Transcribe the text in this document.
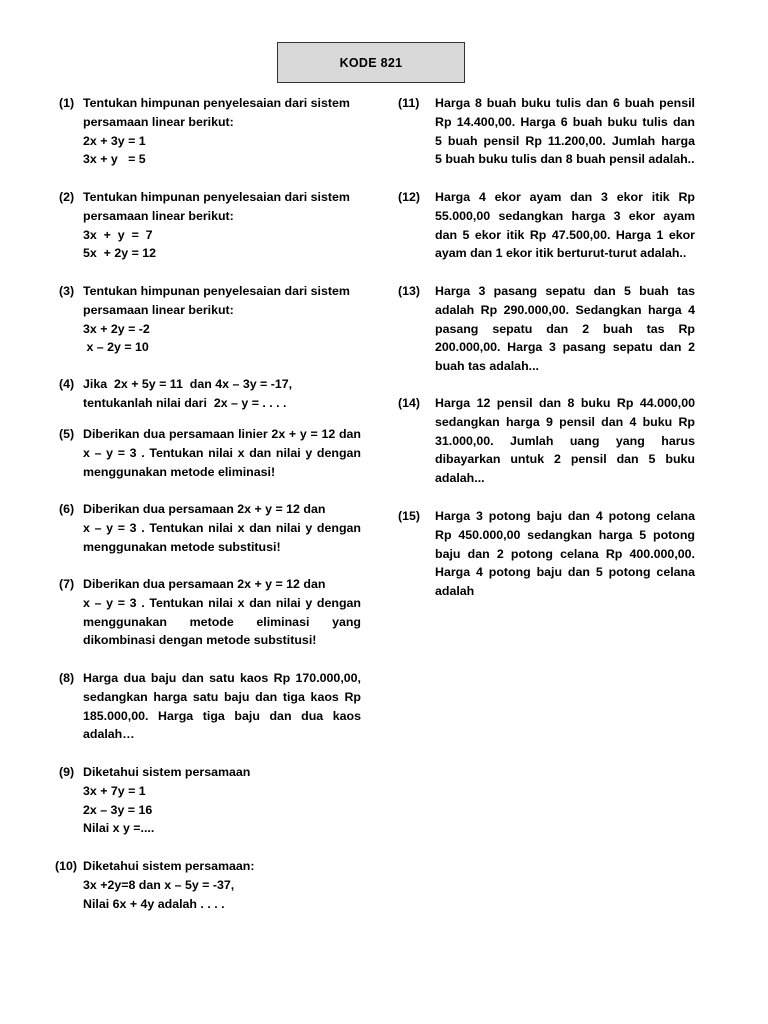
KODE 821
(1) Tentukan himpunan penyelesaian dari sistem
persamaan linear berikut:
2x + 3y = 1
3x + y   = 5
(2) Tentukan himpunan penyelesaian dari sistem
persamaan linear berikut:
3x  +  y  =  7
5x  + 2y = 12
(3) Tentukan himpunan penyelesaian dari sistem
persamaan linear berikut:
3x + 2y = -2
x – 2y = 10
(4) Jika  2x + 5y = 11  dan 4x – 3y = -17,
tentukanlah nilai dari  2x – y = . . . .
(5) Diberikan dua persamaan linier 2x + y = 12 dan
x – y = 3 . Tentukan nilai x dan nilai y dengan
menggunakan metode eliminasi!
(6) Diberikan dua persamaan 2x + y = 12 dan
x – y = 3 . Tentukan nilai x dan nilai y dengan
menggunakan metode substitusi!
(7) Diberikan dua persamaan 2x + y = 12 dan
x – y = 3 . Tentukan nilai x dan nilai y dengan
menggunakan metode eliminasi yang
dikombinasi dengan metode substitusi!
(8) Harga dua baju dan satu kaos Rp 170.000,00,
sedangkan harga satu baju dan tiga kaos Rp
185.000,00. Harga tiga baju dan dua kaos
adalah…
(9) Diketahui sistem persamaan
3x + 7y = 1
2x – 3y = 16
Nilai x y =....
(10) Diketahui sistem persamaan:
3x +2y=8 dan x – 5y = -37,
Nilai 6x + 4y adalah . . . .
(11) Harga 8 buah buku tulis dan 6 buah pensil
Rp 14.400,00. Harga 6 buah buku tulis dan
5 buah pensil Rp 11.200,00. Jumlah harga
5 buah buku tulis dan 8 buah pensil adalah..
(12) Harga 4 ekor ayam dan 3 ekor itik Rp
55.000,00 sedangkan harga 3 ekor ayam
dan 5 ekor itik Rp 47.500,00. Harga 1 ekor
ayam dan 1 ekor itik berturut-turut adalah..
(13) Harga 3 pasang sepatu dan 5 buah tas
adalah Rp 290.000,00. Sedangkan harga 4
pasang sepatu dan 2 buah tas Rp
200.000,00. Harga 3 pasang sepatu dan 2
buah tas adalah...
(14) Harga 12 pensil dan 8 buku Rp 44.000,00
sedangkan harga 9 pensil dan 4 buku Rp
31.000,00. Jumlah uang yang harus
dibayarkan untuk 2 pensil dan 5 buku
adalah...
(15) Harga 3 potong baju dan 4 potong celana
Rp 450.000,00 sedangkan harga 5 potong
baju dan 2 potong celana Rp 400.000,00.
Harga 4 potong baju dan 5 potong celana
adalah
